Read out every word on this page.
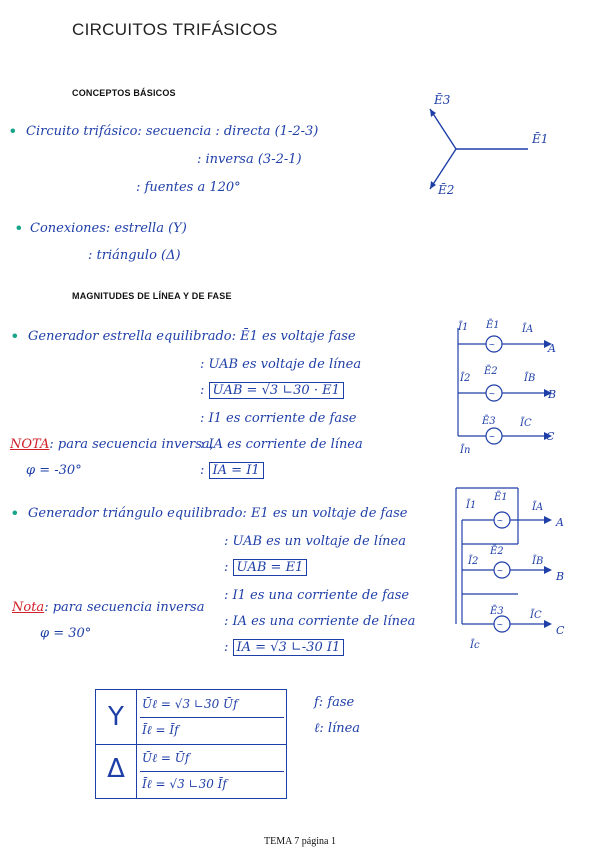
CIRCUITOS TRIFÁSICOS
CONCEPTOS BÁSICOS
• Circuito trifásico: secuencia : directa (1-2-3)
: inversa (3-2-1)
: fuentes a 120°
• Conexiones: estrella (Y)
: triángulo (Δ)
Ē3
Ē1
Ē2
MAGNITUDES DE LÍNEA Y DE FASE
• Generador estrella equilibrado: Ē1 es voltaje fase
: UAB es voltaje de línea
: ŪAB = √3 ∟30 · Ē1
: I1 es corriente de fase
NOTA: para secuencia inversa,
: IA es corriente de línea
φ = -30°	: ĪA = Ī1
~
~
~
Ī1 Ē1 ĪA
A
Ī2
Ē2
ĪB
B
Ē3 ĪC
C
Īn
• Generador triángulo equilibrado: E1 es un voltaje de fase
: UAB es un voltaje de línea
: ŪAB = Ē1
: I1 es una corriente de fase
Nota: para secuencia inversa
: IA es una corriente de línea
φ = 30°
: ĪA = √3 ∟-30 Ī1
~
~
~
Ī1
Ē1
ĪA
A
Ī2
Ē2
ĪB
B
Ē3	ĪC
C
Īc
Y
Δ
Ūℓ = √3 ∟30 Ūf
Īℓ = Īf
Ūℓ = Ūf
Īℓ = √3 ∟30 Īf
f: fase
ℓ: línea
TEMA 7 página 1
